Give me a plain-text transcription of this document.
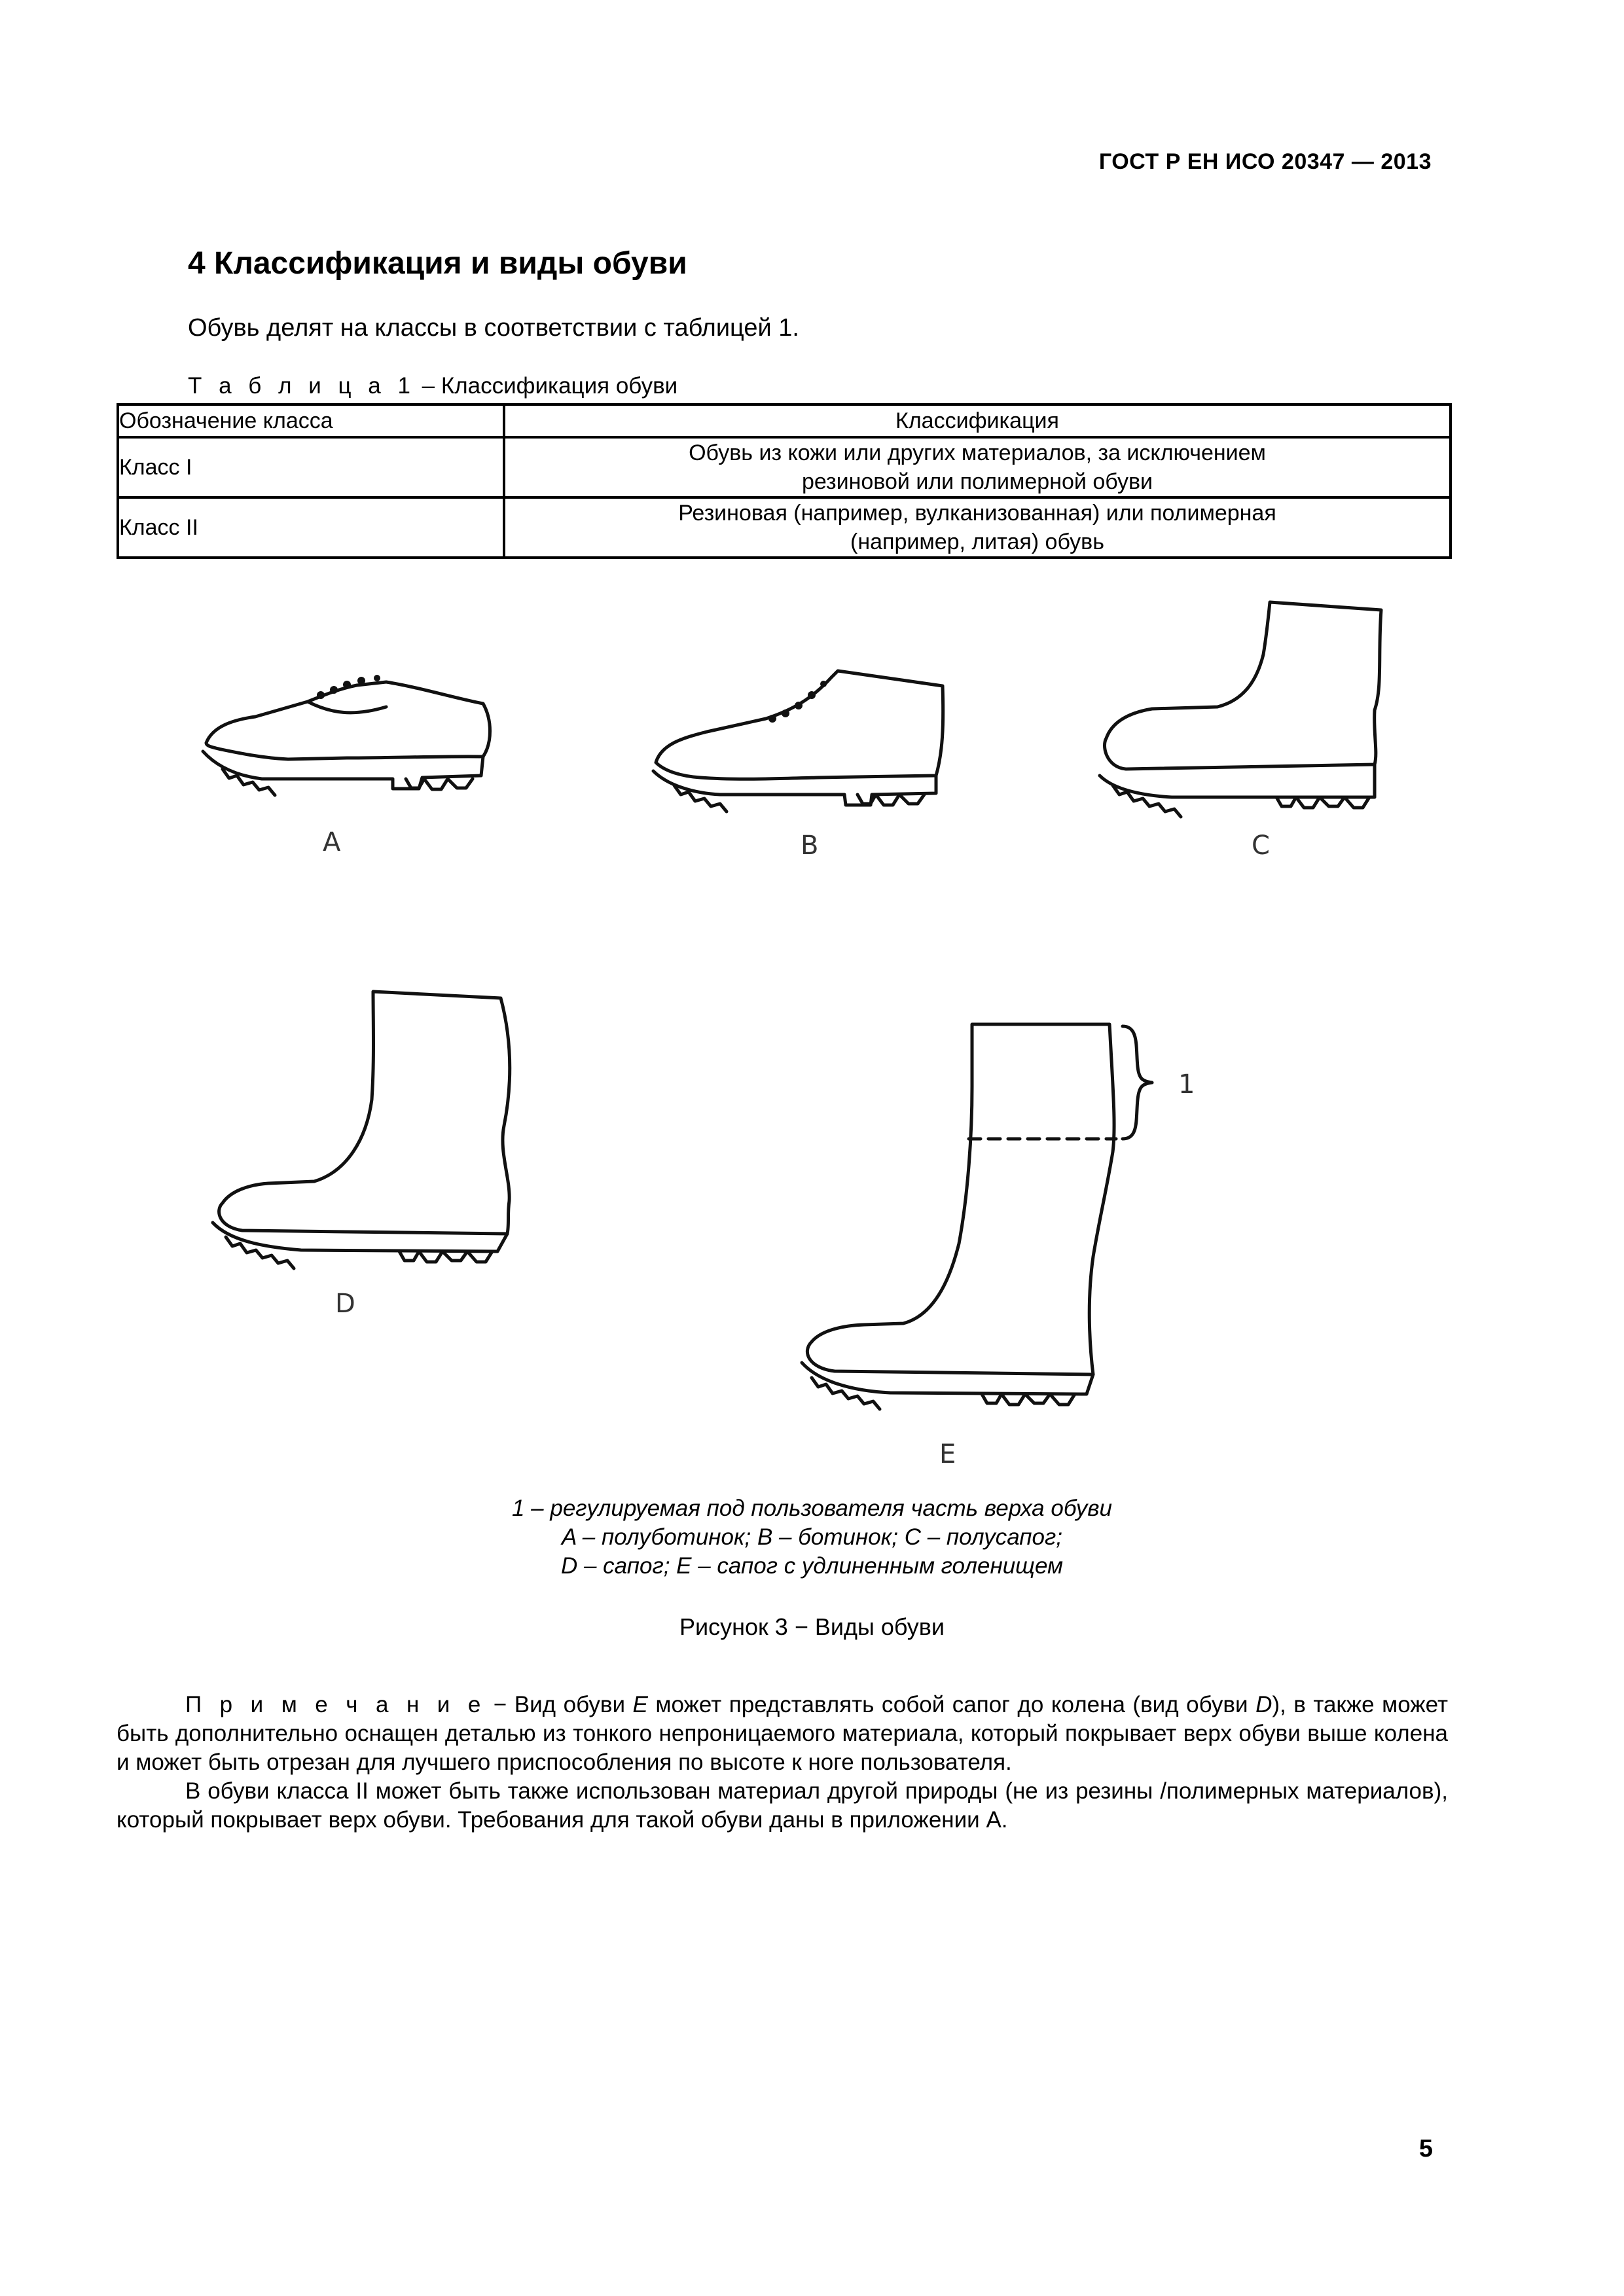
ГОСТ Р ЕН ИСО 20347 — 2013
4 Классификация и виды обуви
Обувь делят на классы в соответствии с таблицей 1.
Т а б л и ц а 1 – Классификация обуви
Обозначение класса	Классификация
Класс I	Обувь из кожи или других материалов, за исключением
резиновой или полимерной обуви

Класс II	Резиновая (например, вулканизованная) или полимерная
(например, литая) обувь
A	B	C
D
1
E
1 – регулируемая под пользователя часть верха обуви
A – полуботинок; B – ботинок; C – полусапог;
D – сапог; E – сапог с удлиненным голенищем
Рисунок 3 − Виды обуви

П р и м е ч а н и е − Вид обуви E может представлять собой сапог до колена (вид обуви D), в также может быть дополнительно оснащен деталью из тонкого непроницаемого материала, который покрывает верх обуви выше колена и может быть отрезан для лучшего приспособления по высоте к ноге пользователя.

В обуви класса II может быть также использован материал другой природы (не из резины /полимерных материалов), который покрывает верх обуви. Требования для такой обуви даны в приложении А.

5
